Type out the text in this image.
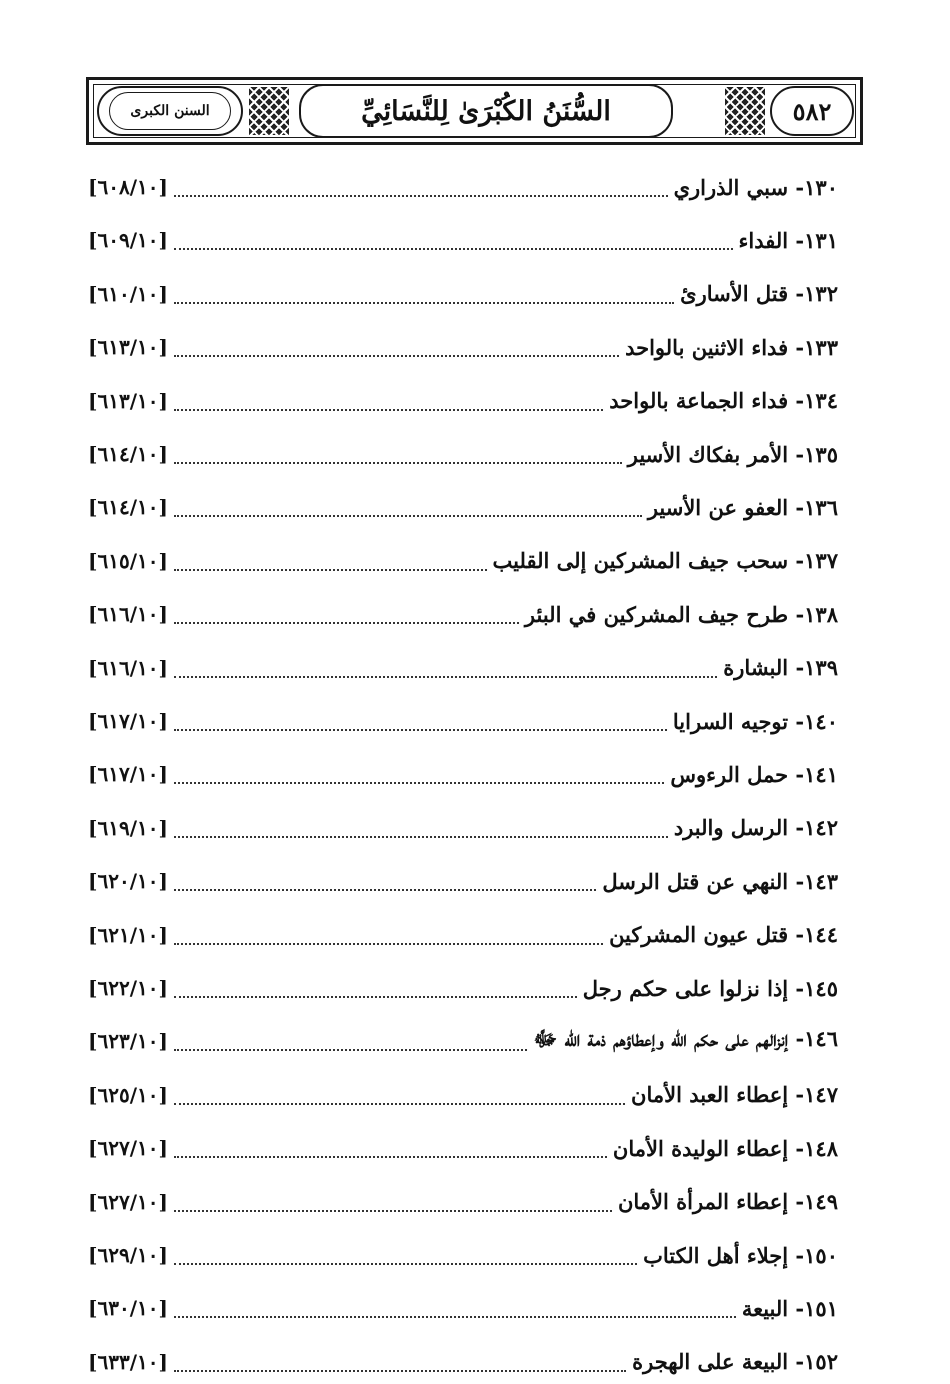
السنن الكبرى	السُّنَنُ الكُبْرَىٰ لِلنَّسَائِيِّ	٥٨٢
١٣٠- سبي الذراري
[٦٠٨/١٠]
١٣١- الفداء
[٦٠٩/١٠]
١٣٢- قتل الأسارئ
[٦١٠/١٠]
١٣٣- فداء الاثنين بالواحد
[٦١٣/١٠]
١٣٤- فداء الجماعة بالواحد
[٦١٣/١٠]
١٣٥- الأمر بفكاك الأسير
[٦١٤/١٠]
١٣٦- العفو عن الأسير
[٦١٤/١٠]
١٣٧- سحب جيف المشركين إلى القليب
[٦١٥/١٠]
١٣٨- طرح جيف المشركين في البئر
[٦١٦/١٠]
١٣٩- البشارة
[٦١٦/١٠]
١٤٠- توجيه السرايا
[٦١٧/١٠]
١٤١- حمل الرءوس
[٦١٧/١٠]
١٤٢- الرسل والبرد
[٦١٩/١٠]
١٤٣- النهي عن قتل الرسل
[٦٢٠/١٠]
١٤٤- قتل عيون المشركين
[٦٢١/١٠]
١٤٥- إذا نزلوا على حكم رجل
[٦٢٢/١٠]
١٤٦- إنزالهم على حكم الله وإعطاؤهم ذمة الله ﷻ
[٦٢٣/١٠]
١٤٧- إعطاء العبد الأمان
[٦٢٥/١٠]
١٤٨- إعطاء الوليدة الأمان
[٦٢٧/١٠]
١٤٩- إعطاء المرأة الأمان
[٦٢٧/١٠]
١٥٠- إجلاء أهل الكتاب
[٦٢٩/١٠]
١٥١- البيعة
[٦٣٠/١٠]
١٥٢- البيعة على الهجرة
[٦٣٣/١٠]
